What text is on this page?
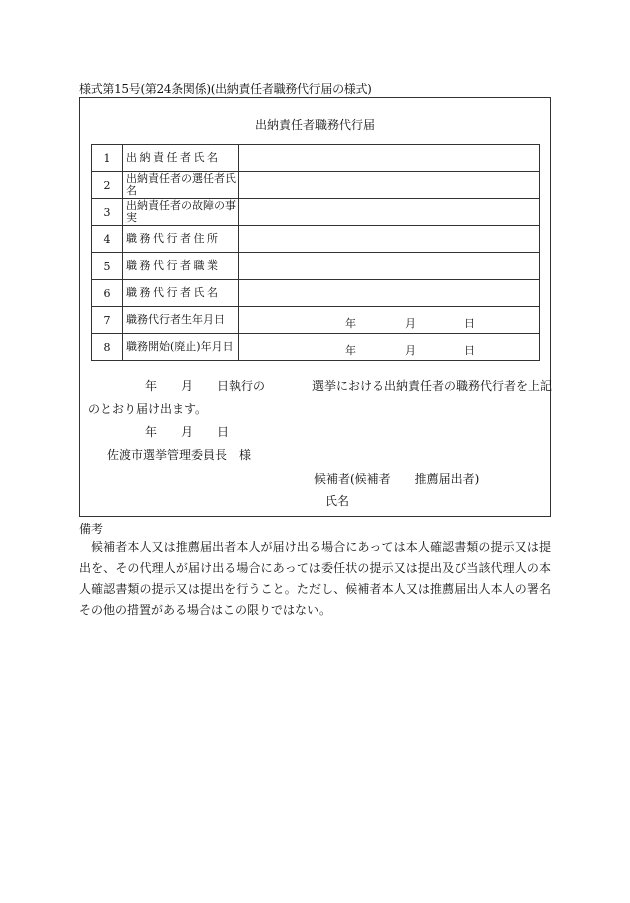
様式第15号(第24条関係)(出納責任者職務代行届の様式)
出納責任者職務代行届
1	出納責任者氏名	
2	出納責任者の選任者氏名	
3	出納責任者の故障の事実	
4	職務代行者住所	
5	職務代行者職業	
6	職務代行者氏名	
7	職務代行者生年月日	年 月 日

8	職務開始(廃止)年月日	年 月 日
年 月 日執行の	選挙における出納責任者の職務代行者を上記
のとおり届け出ます。
年 月 日
佐渡市選挙管理委員長　様
候補者(候補者　　推薦届出者)
氏名
備考

候補者本人又は推薦届出者本人が届け出る場合にあっては本人確認書類の提示又は提出を、その代理人が届け出る場合にあっては委任状の提示又は提出及び当該代理人の本人確認書類の提示又は提出を行うこと。ただし、候補者本人又は推薦届出人本人の署名その他の措置がある場合はこの限りではない。
